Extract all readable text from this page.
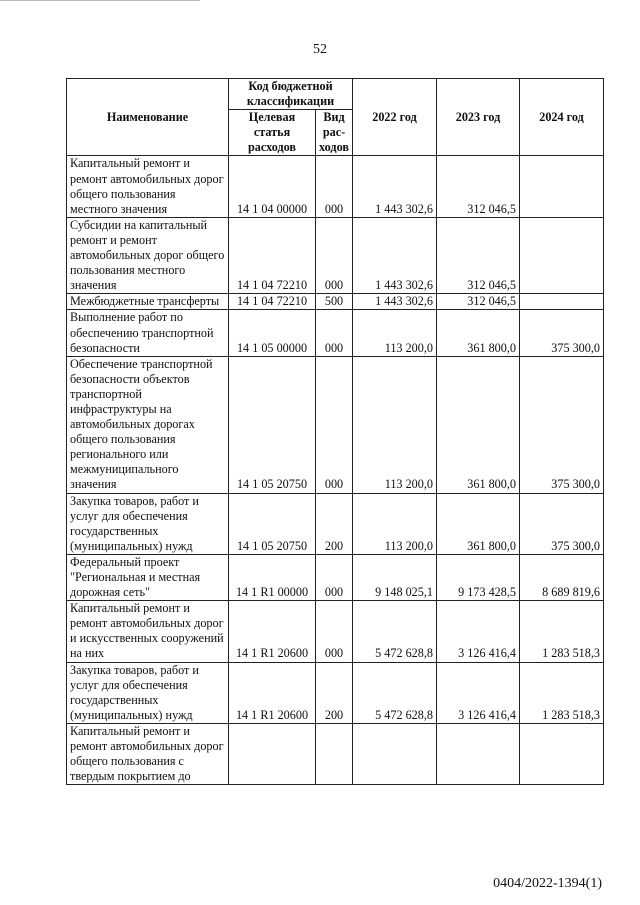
52
Наименование	Код бюджетной классификации		2022 год	2023 год	2024 год
	Целевая статья расходов	Вид рас-ходов			
Капитальный ремонт и ремонт автомобильных дорог общего пользования местного значения	14 1 04 00000	000	1 443 302,6	312 046,5	
Субсидии на капитальный ремонт и ремонт автомобильных дорог общего пользования местного значения	14 1 04 72210	000	1 443 302,6	312 046,5	
Межбюджетные трансферты	14 1 04 72210	500	1 443 302,6	312 046,5	
Выполнение работ по обеспечению транспортной безопасности	14 1 05 00000	000	113 200,0	361 800,0	375 300,0
Обеспечение транспортной безопасности объектов транспортной инфраструктуры на автомобильных дорогах общего пользования регионального или межмуниципального значения	14 1 05 20750	000	113 200,0	361 800,0	375 300,0
Закупка товаров, работ и услуг для обеспечения государственных (муниципальных) нужд	14 1 05 20750	200	113 200,0	361 800,0	375 300,0
Федеральный проект "Региональная и местная дорожная сеть"	14 1 R1 00000	000	9 148 025,1	9 173 428,5	8 689 819,6
Капитальный ремонт и ремонт автомобильных дорог и искусственных сооружений на них	14 1 R1 20600	000	5 472 628,8	3 126 416,4	1 283 518,3
Закупка товаров, работ и услуг для обеспечения государственных (муниципальных) нужд	14 1 R1 20600	200	5 472 628,8	3 126 416,4	1 283 518,3
Капитальный ремонт и ремонт автомобильных дорог общего пользования с твердым покрытием до					
0404/2022-1394(1)
